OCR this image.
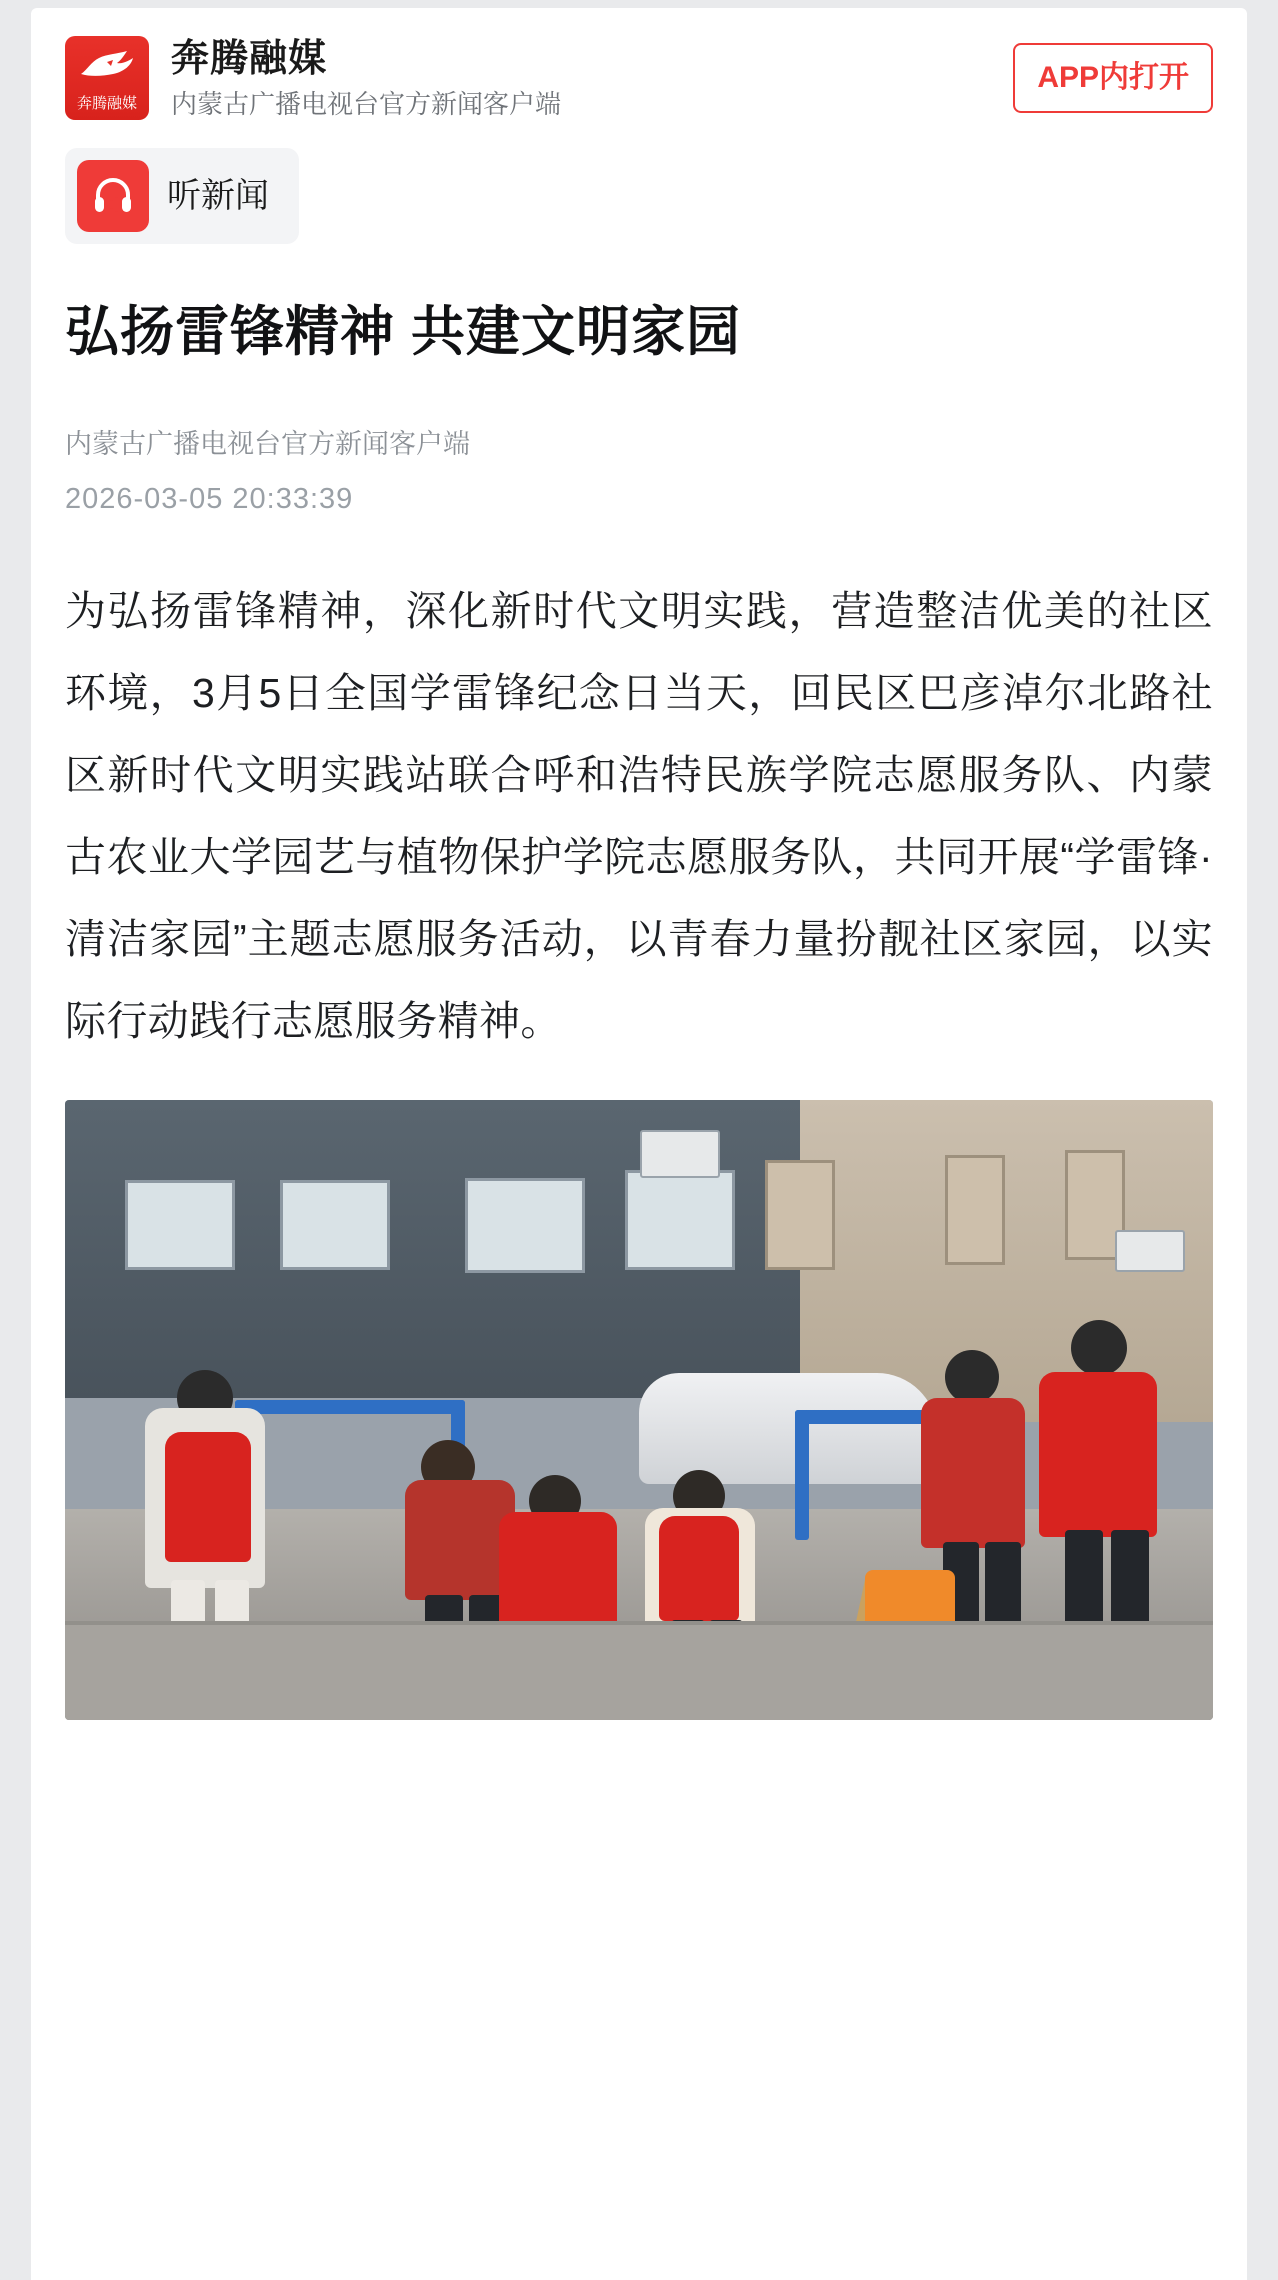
奔腾融媒
奔腾融媒
内蒙古广播电视台官方新闻客户端
APP内打开
听新闻
弘扬雷锋精神 共建文明家园
内蒙古广播电视台官方新闻客户端
2026-03-05 20:33:39

为弘扬雷锋精神，深化新时代文明实践，营造整洁优美的社区环境，3月5日全国学雷锋纪念日当天，回民区巴彦淖尔北路社区新时代文明实践站联合呼和浩特民族学院志愿服务队、内蒙古农业大学园艺与植物保护学院志愿服务队，共同开展“学雷锋·清洁家园”主题志愿服务活动，以青春力量扮靓社区家园，以实际行动践行志愿服务精神。
